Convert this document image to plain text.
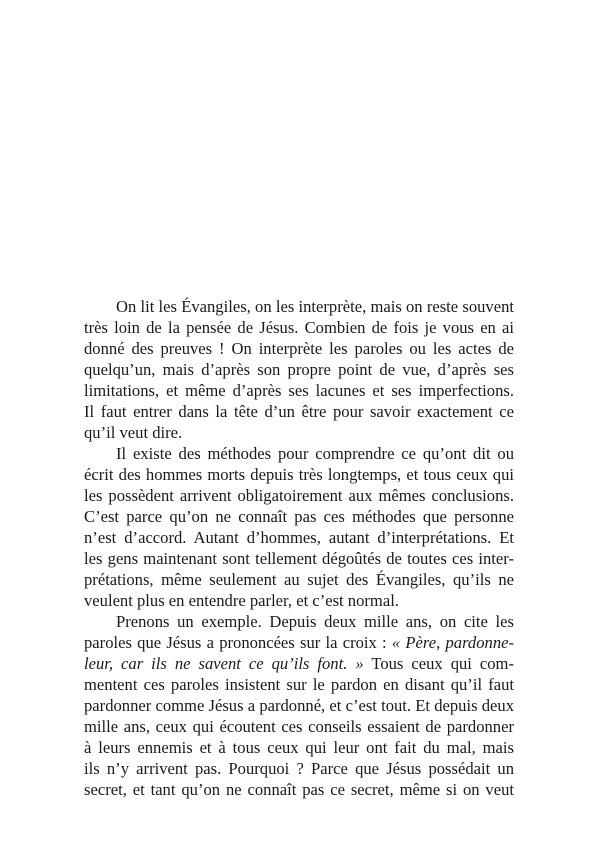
On lit les Évangiles, on les interprète, mais on reste souvent
très loin de la pensée de Jésus. Combien de fois je vous en ai
donné des preuves ! On interprète les paroles ou les actes de
quelqu’un, mais d’après son propre point de vue, d’après ses
limitations, et même d’après ses lacunes et ses imperfections.
Il faut entrer dans la tête d’un être pour savoir exactement ce
qu’il veut dire.
Il existe des méthodes pour comprendre ce qu’ont dit ou
écrit des hommes morts depuis très longtemps, et tous ceux qui
les possèdent arrivent obligatoirement aux mêmes conclusions.
C’est parce qu’on ne connaît pas ces méthodes que personne
n’est d’accord. Autant d’hommes, autant d’interprétations. Et
les gens maintenant sont tellement dégoûtés de toutes ces inter-
prétations, même seulement au sujet des Évangiles, qu’ils ne
veulent plus en entendre parler, et c’est normal.
Prenons un exemple. Depuis deux mille ans, on cite les
paroles que Jésus a prononcées sur la croix : « Père, pardonne-
leur, car ils ne savent ce qu’ils font. » Tous ceux qui com-
mentent ces paroles insistent sur le pardon en disant qu’il faut
pardonner comme Jésus a pardonné, et c’est tout. Et depuis deux
mille ans, ceux qui écoutent ces conseils essaient de pardonner
à leurs ennemis et à tous ceux qui leur ont fait du mal, mais
ils n’y arrivent pas. Pourquoi ? Parce que Jésus possédait un
secret, et tant qu’on ne connaît pas ce secret, même si on veut
